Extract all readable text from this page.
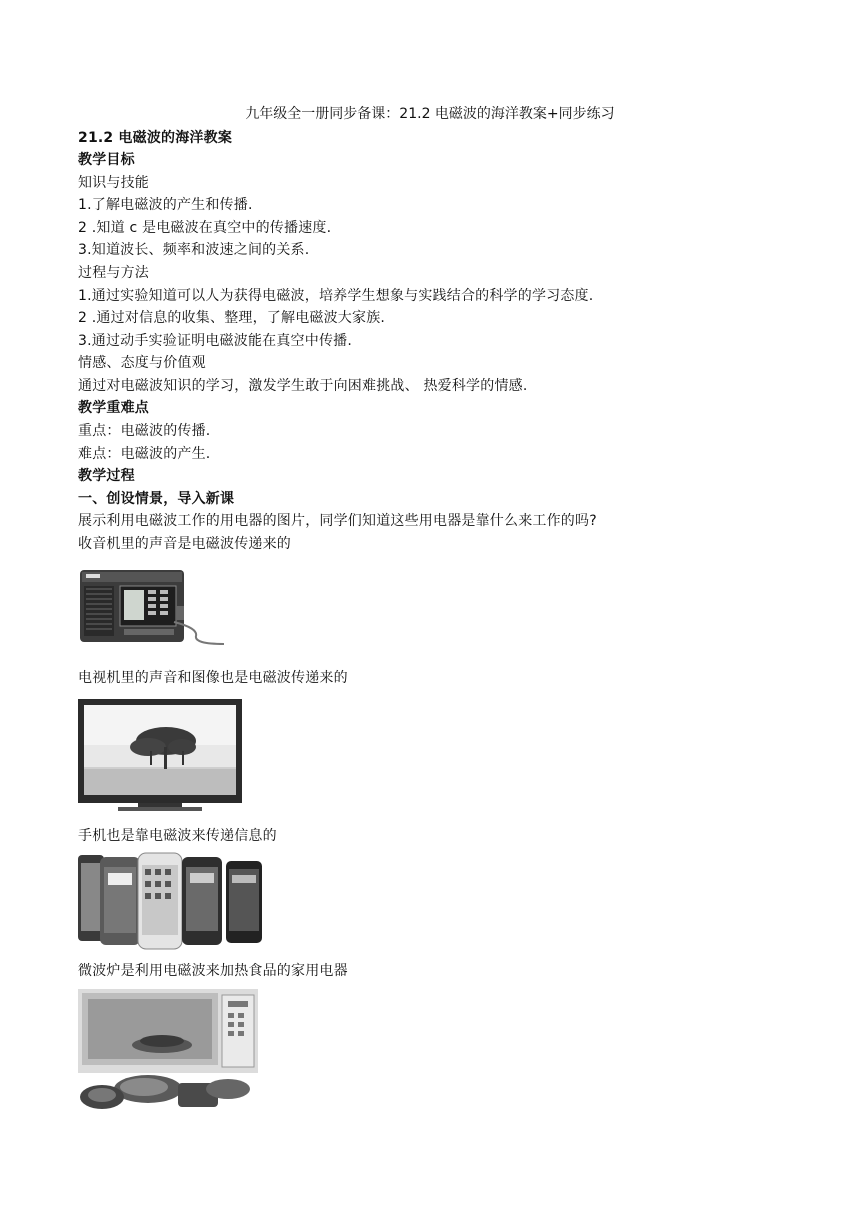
九年级全一册同步备课：21.2 电磁波的海洋教案+同步练习
21.2 电磁波的海洋教案
教学目标
知识与技能
1.了解电磁波的产生和传播.
2 .知道 c 是电磁波在真空中的传播速度.
3.知道波长、频率和波速之间的关系.
过程与方法
1.通过实验知道可以人为获得电磁波，培养学生想象与实践结合的科学的学习态度.
2 .通过对信息的收集、整理，了解电磁波大家族.
3.通过动手实验证明电磁波能在真空中传播.
情感、态度与价值观
通过对电磁波知识的学习，激发学生敢于向困难挑战、 热爱科学的情感.
教学重难点
重点：电磁波的传播.
难点：电磁波的产生.
教学过程
一、创设情景，导入新课
展示利用电磁波工作的用电器的图片，同学们知道这些用电器是靠什么来工作的吗?
收音机里的声音是电磁波传递来的
电视机里的声音和图像也是电磁波传递来的
手机也是靠电磁波来传递信息的
微波炉是利用电磁波来加热食品的家用电器
